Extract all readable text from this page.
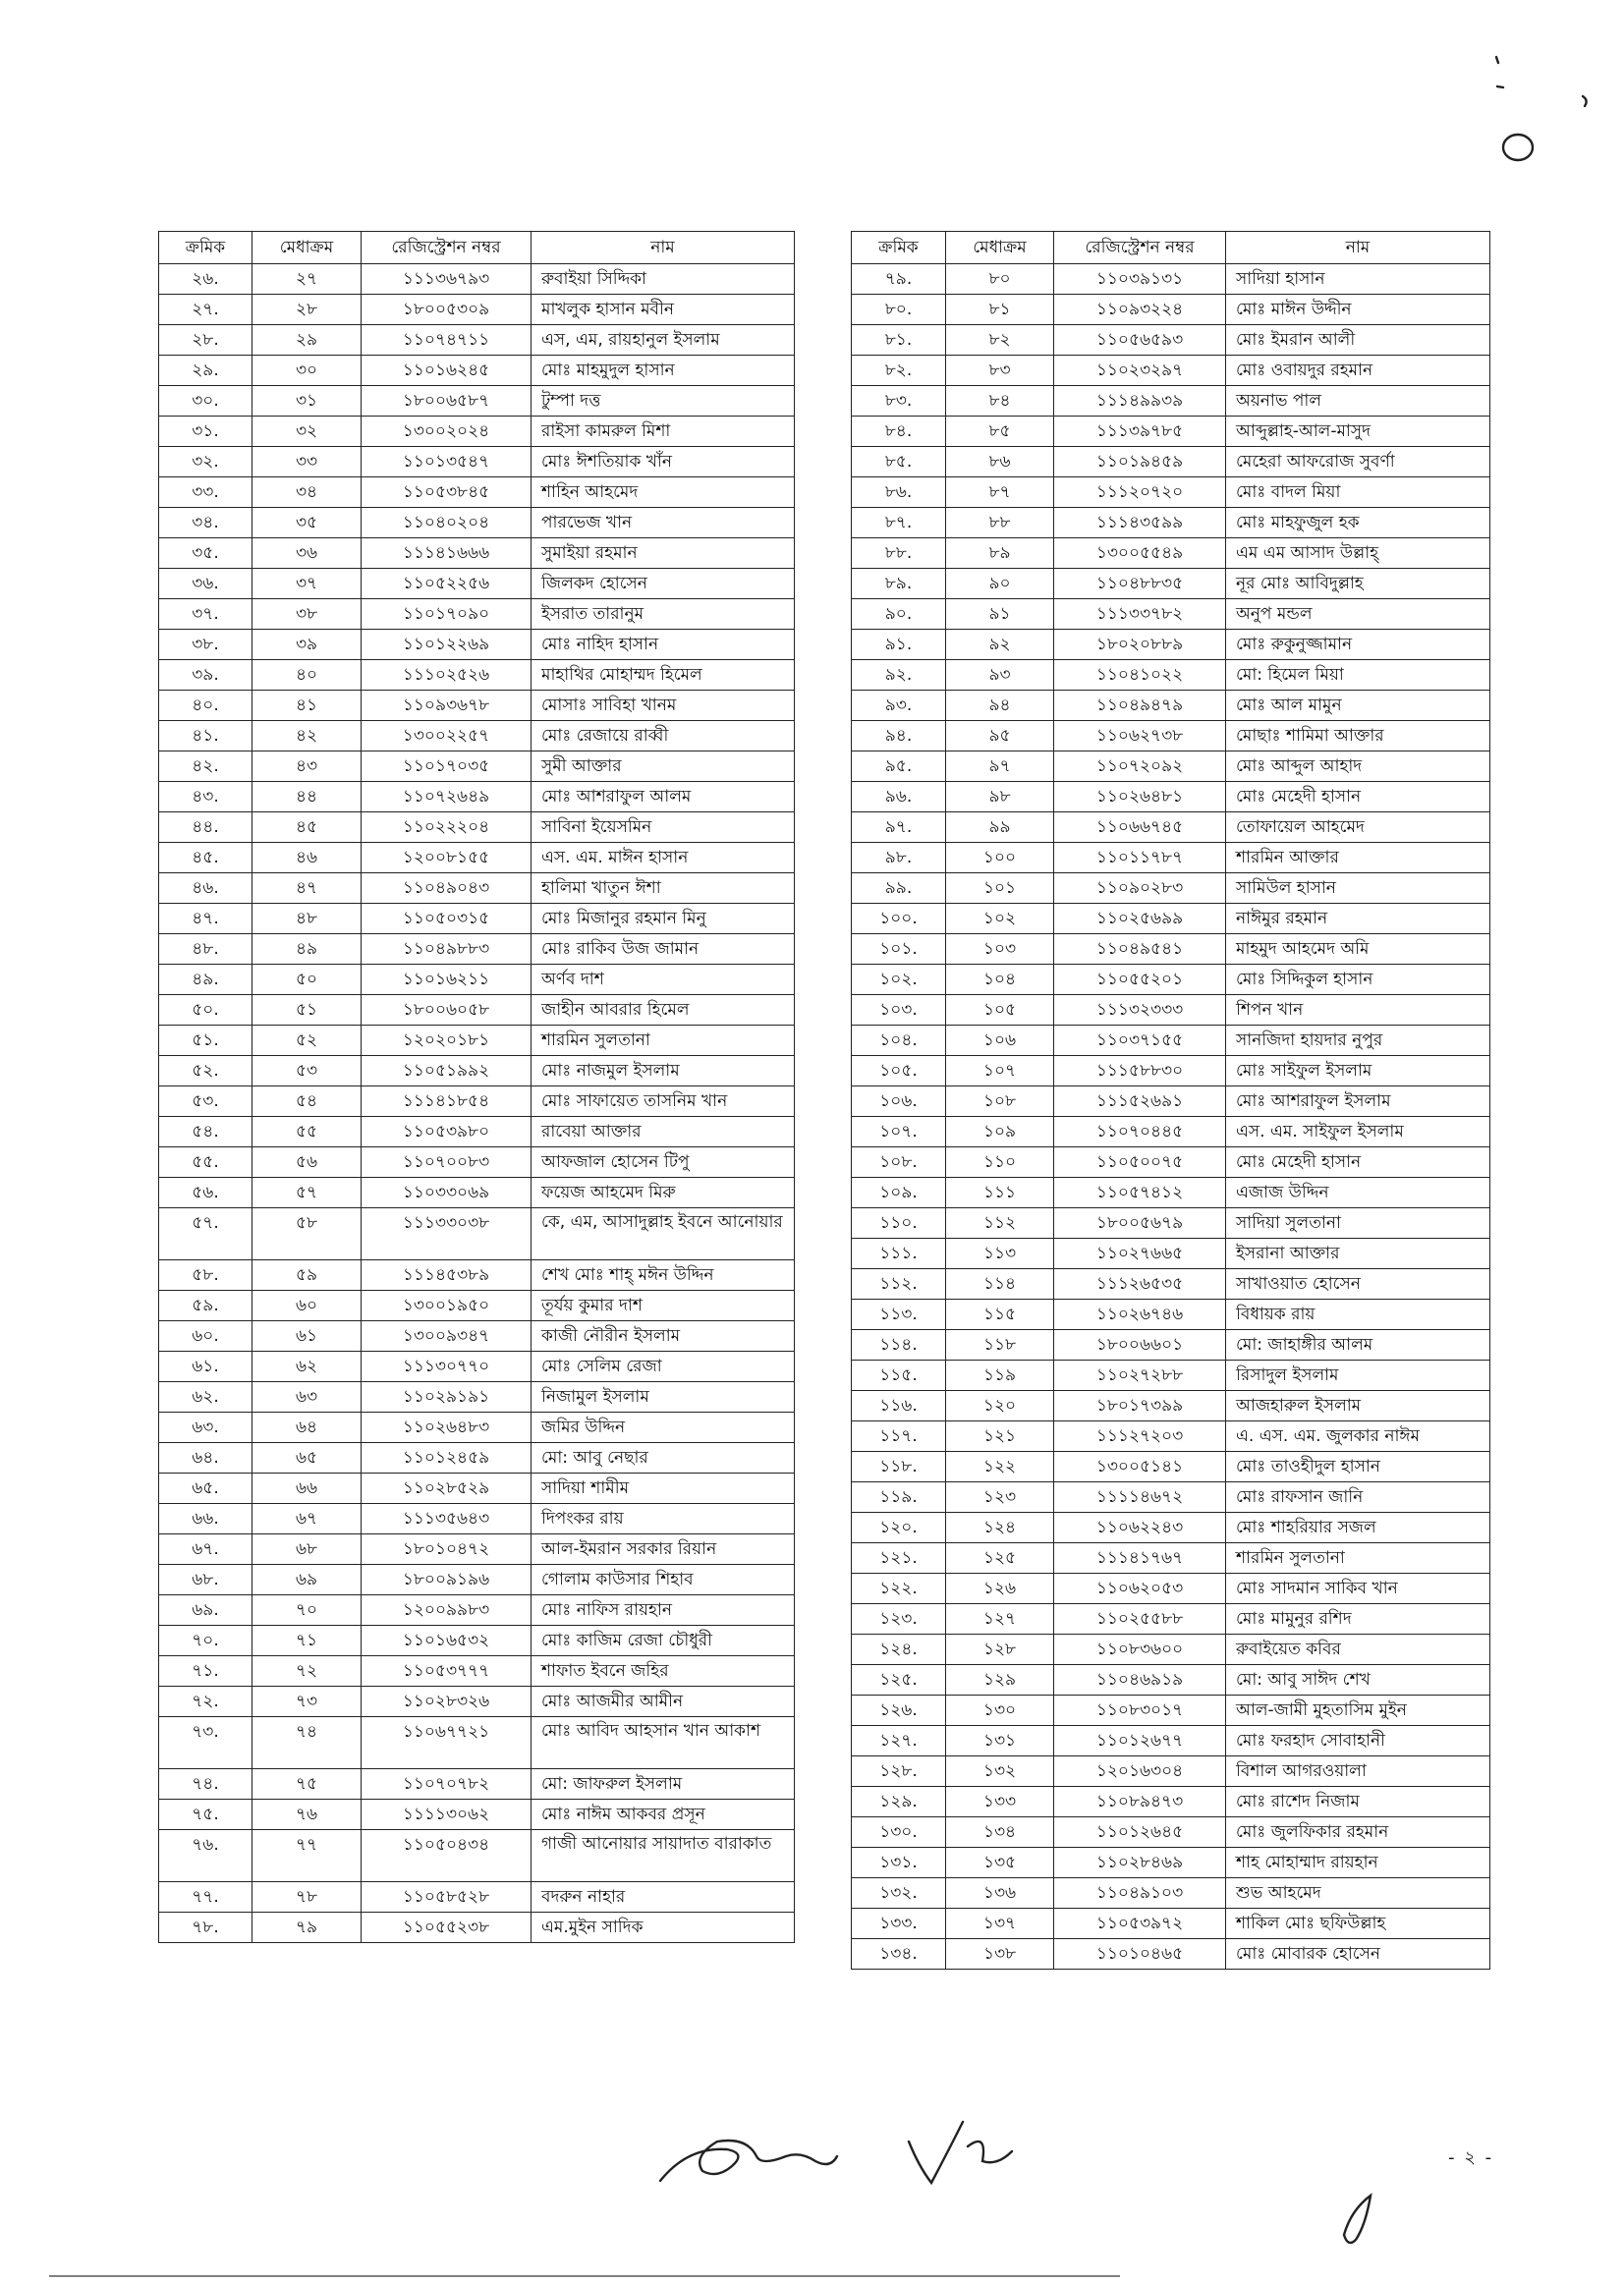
ক্রমিক	মেধাক্রম	রেজিস্ট্রেশন নম্বর	নাম
২৬.	২৭	১১১৩৬৭৯৩	রুবাইয়া সিদ্দিকা
২৭.	২৮	১৮০০৫৩০৯	মাখলুক হাসান মবীন
২৮.	২৯	১১০৭৪৭১১	এস, এম, রায়হানুল ইসলাম
২৯.	৩০	১১০১৬২৪৫	মোঃ মাহমুদুল হাসান
৩০.	৩১	১৮০০৬৫৮৭	টুম্পা দত্ত
৩১.	৩২	১৩০০২০২৪	রাইসা কামরুল মিশা
৩২.	৩৩	১১০১৩৫৪৭	মোঃ ঈশতিয়াক খাঁন
৩৩.	৩৪	১১০৫৩৮৪৫	শাহিন আহমেদ
৩৪.	৩৫	১১০৪০২০৪	পারভেজ খান
৩৫.	৩৬	১১১৪১৬৬৬	সুমাইয়া রহমান
৩৬.	৩৭	১১০৫২২৫৬	জিলকদ হোসেন
৩৭.	৩৮	১১০১৭০৯০	ইসরাত তারানুম
৩৮.	৩৯	১১০১২২৬৯	মোঃ নাহিদ হাসান
৩৯.	৪০	১১১০২৫২৬	মাহাথির মোহাম্মদ হিমেল
৪০.	৪১	১১০৯৩৬৭৮	মোসাঃ সাবিহা খানম
৪১.	৪২	১৩০০২২৫৭	মোঃ রেজায়ে রাব্বী
৪২.	৪৩	১১০১৭০৩৫	সুমী আক্তার
৪৩.	৪৪	১১০৭২৬৪৯	মোঃ আশরাফুল আলম
৪৪.	৪৫	১১০২২২০৪	সাবিনা ইয়েসমিন
৪৫.	৪৬	১২০০৮১৫৫	এস. এম. মাঈন হাসান
৪৬.	৪৭	১১০৪৯০৪৩	হালিমা খাতুন ঈশা
৪৭.	৪৮	১১০৫০৩১৫	মোঃ মিজানুর রহমান মিনু
৪৮.	৪৯	১১০৪৯৮৮৩	মোঃ রাকিব উজ জামান
৪৯.	৫০	১১০১৬২১১	অর্ণব দাশ
৫০.	৫১	১৮০০৬০৫৮	জাহীন আবরার হিমেল
৫১.	৫২	১২০২০১৮১	শারমিন সুলতানা
৫২.	৫৩	১১০৫১৯৯২	মোঃ নাজমুল ইসলাম
৫৩.	৫৪	১১১৪১৮৫৪	মোঃ সাফায়েত তাসনিম খান
৫৪.	৫৫	১১০৫৩৯৮০	রাবেয়া আক্তার
৫৫.	৫৬	১১০৭০০৮৩	আফজাল হোসেন টিপু
৫৬.	৫৭	১১০৩৩০৬৯	ফয়েজ আহমেদ মিরু
৫৭.	৫৮	১১১৩৩০৩৮	কে, এম, আসাদুল্লাহ ইবনে আনোয়ার
৫৮.	৫৯	১১১৪৫৩৮৯	শেখ মোঃ শাহ্ মঈন উদ্দিন
৫৯.	৬০	১৩০০১৯৫০	তূর্যয় কুমার দাশ
৬০.	৬১	১৩০০৯৩৪৭	কাজী নৌরীন ইসলাম
৬১.	৬২	১১১৩০৭৭০	মোঃ সেলিম রেজা
৬২.	৬৩	১১০২৯১৯১	নিজামুল ইসলাম
৬৩.	৬৪	১১০২৬৪৮৩	জমির উদ্দিন
৬৪.	৬৫	১১০১২৪৫৯	মো: আবু নেছার
৬৫.	৬৬	১১০২৮৫২৯	সাদিয়া শামীম
৬৬.	৬৭	১১১৩৫৬৪৩	দিপংকর রায়
৬৭.	৬৮	১৮০১০৪৭২	আল-ইমরান সরকার রিয়ান
৬৮.	৬৯	১৮০০৯১৯৬	গোলাম কাউসার শিহাব
৬৯.	৭০	১২০০৯৯৮৩	মোঃ নাফিস রায়হান
৭০.	৭১	১১০১৬৫৩২	মোঃ কাজিম রেজা চৌধুরী
৭১.	৭২	১১০৫৩৭৭৭	শাফাত ইবনে জহির
৭২.	৭৩	১১০২৮৩২৬	মোঃ আজমীর আমীন
৭৩.	৭৪	১১০৬৭৭২১	মোঃ আবিদ আহসান খান আকাশ
৭৪.	৭৫	১১০৭০৭৮২	মো: জাফরুল ইসলাম
৭৫.	৭৬	১১১১৩০৬২	মোঃ নাঈম আকবর প্রসূন
৭৬.	৭৭	১১০৫০৪৩৪	গাজী আনোয়ার সায়াদাত বারাকাত
৭৭.	৭৮	১১০৫৮৫২৮	বদরুন নাহার
৭৮.	৭৯	১১০৫৫২৩৮	এম.মুইন সাদিক
ক্রমিক	মেধাক্রম	রেজিস্ট্রেশন নম্বর	নাম
৭৯.	৮০	১১০৩৯১৩১	সাদিয়া হাসান
৮০.	৮১	১১০৯৩২২৪	মোঃ মাঈন উদ্দীন
৮১.	৮২	১১০৫৬৫৯৩	মোঃ ইমরান আলী
৮২.	৮৩	১১০২৩২৯৭	মোঃ ওবায়দুর রহমান
৮৩.	৮৪	১১১৪৯৯৩৯	অয়নাভ পাল
৮৪.	৮৫	১১১৩৯৭৮৫	আব্দুল্লাহ-আল-মাসুদ
৮৫.	৮৬	১১০১৯৪৫৯	মেহেরা আফরোজ সুবর্ণা
৮৬.	৮৭	১১১২০৭২০	মোঃ বাদল মিয়া
৮৭.	৮৮	১১১৪৩৫৯৯	মোঃ মাহফুজুল হক
৮৮.	৮৯	১৩০০৫৫৪৯	এম এম আসাদ উল্লাহ্
৮৯.	৯০	১১০৪৮৮৩৫	নূর মোঃ আবিদুল্লাহ
৯০.	৯১	১১১৩৩৭৮২	অনুপ মন্ডল
৯১.	৯২	১৮০২০৮৮৯	মোঃ রুকুনুজ্জামান
৯২.	৯৩	১১০৪১০২২	মো: হিমেল মিয়া
৯৩.	৯৪	১১০৪৯৪৭৯	মোঃ আল মামুন
৯৪.	৯৫	১১০৬২৭৩৮	মোছাঃ শামিমা আক্তার
৯৫.	৯৭	১১০৭২০৯২	মোঃ আব্দুল আহাদ
৯৬.	৯৮	১১০২৬৪৮১	মোঃ মেহেদী হাসান
৯৭.	৯৯	১১০৬৬৭৪৫	তোফায়েল আহমেদ
৯৮.	১০০	১১০১১৭৮৭	শারমিন আক্তার
৯৯.	১০১	১১০৯০২৮৩	সামিউল হাসান
১০০.	১০২	১১০২৫৬৯৯	নাঈমুর রহমান
১০১.	১০৩	১১০৪৯৫৪১	মাহমুদ আহমেদ অমি
১০২.	১০৪	১১০৫৫২০১	মোঃ সিদ্দিকুল হাসান
১০৩.	১০৫	১১১৩২৩৩৩	শিপন খান
১০৪.	১০৬	১১০৩৭১৫৫	সানজিদা হায়দার নুপুর
১০৫.	১০৭	১১১৫৮৮৩০	মোঃ সাইফুল ইসলাম
১০৬.	১০৮	১১১৫২৬৯১	মোঃ আশরাফুল ইসলাম
১০৭.	১০৯	১১০৭০৪৪৫	এস. এম. সাইফুল ইসলাম
১০৮.	১১০	১১০৫০০৭৫	মোঃ মেহেদী হাসান
১০৯.	১১১	১১০৫৭৪১২	এজাজ উদ্দিন
১১০.	১১২	১৮০০৫৬৭৯	সাদিয়া সুলতানা
১১১.	১১৩	১১০২৭৬৬৫	ইসরানা আক্তার
১১২.	১১৪	১১১২৬৫৩৫	সাখাওয়াত হোসেন
১১৩.	১১৫	১১০২৬৭৪৬	বিধায়ক রায়
১১৪.	১১৮	১৮০০৬৬০১	মো: জাহাঙ্গীর আলম
১১৫.	১১৯	১১০২৭২৮৮	রিসাদুল ইসলাম
১১৬.	১২০	১৮০১৭৩৯৯	আজহারুল ইসলাম
১১৭.	১২১	১১১২৭২০৩	এ. এস. এম. জুলকার নাঈম
১১৮.	১২২	১৩০০৫১৪১	মোঃ তাওহীদুল হাসান
১১৯.	১২৩	১১১১৪৬৭২	মোঃ রাফসান জানি
১২০.	১২৪	১১০৬২২৪৩	মোঃ শাহরিয়ার সজল
১২১.	১২৫	১১১৪১৭৬৭	শারমিন সুলতানা
১২২.	১২৬	১১০৬২০৫৩	মোঃ সাদমান সাকিব খান
১২৩.	১২৭	১১০২৫৫৮৮	মোঃ মামুনুর রশিদ
১২৪.	১২৮	১১০৮৩৬০০	রুবাইয়েত কবির
১২৫.	১২৯	১১০৪৬৯১৯	মো: আবু সাঈদ শেখ
১২৬.	১৩০	১১০৮৩০১৭	আল-জামী মুহতাসিম মুইন
১২৭.	১৩১	১১০১২৬৭৭	মোঃ ফরহাদ সোবাহানী
১২৮.	১৩২	১২০১৬৩০৪	বিশাল আগরওয়ালা
১২৯.	১৩৩	১১০৮৯৪৭৩	মোঃ রাশেদ নিজাম
১৩০.	১৩৪	১১০১২৬৪৫	মোঃ জুলফিকার রহমান
১৩১.	১৩৫	১১০২৮৪৬৯	শাহ মোহাম্মাদ রায়হান
১৩২.	১৩৬	১১০৪৯১০৩	শুভ আহমেদ
১৩৩.	১৩৭	১১০৫৩৯৭২	শাকিল মোঃ ছফিউল্লাহ
১৩৪.	১৩৮	১১০১০৪৬৫	মোঃ মোবারক হোসেন
- ২ -
